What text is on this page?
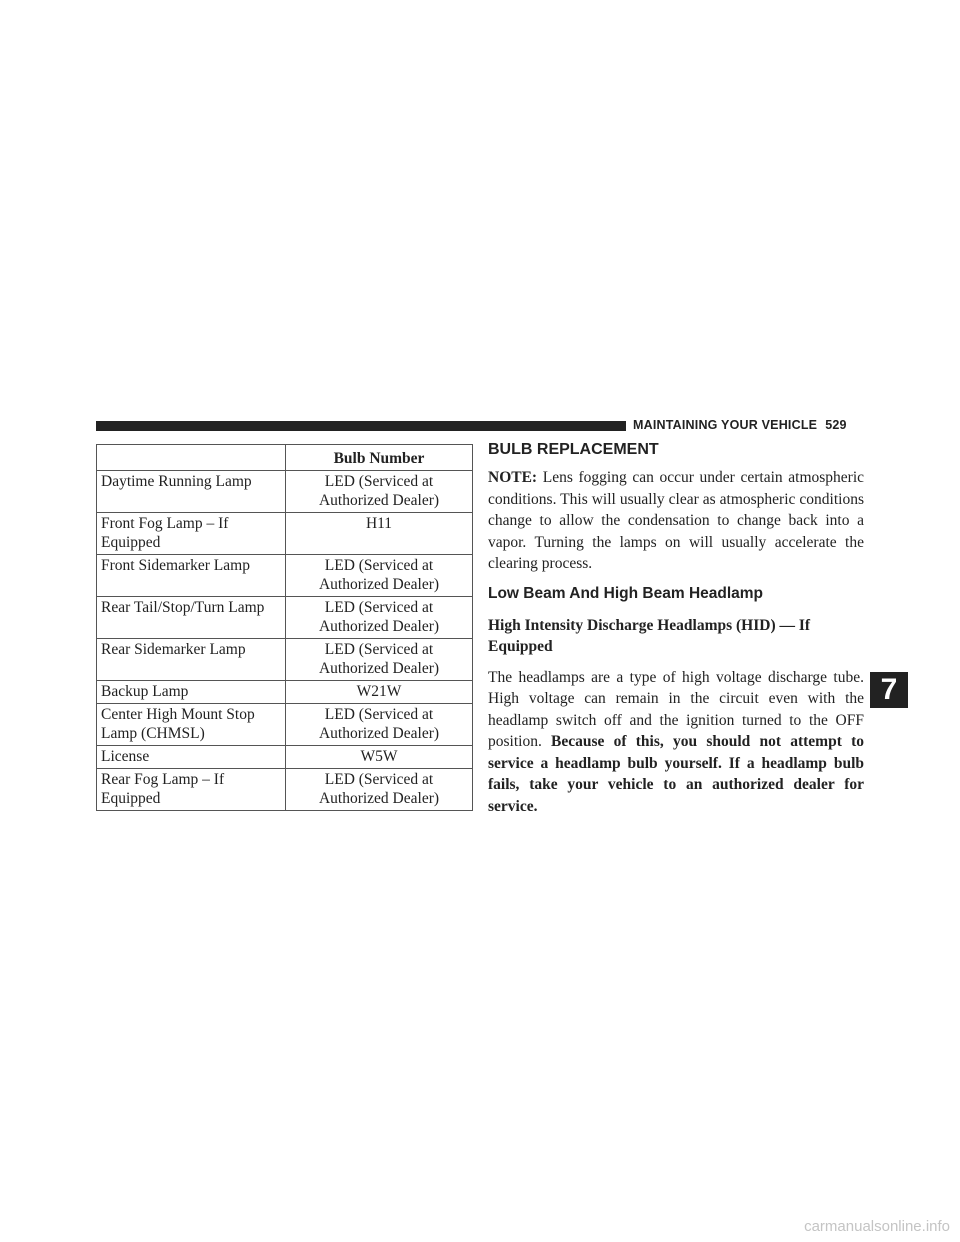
MAINTAINING YOUR VEHICLE 529
	Bulb Number
Daytime Running Lamp	LED (Serviced at Authorized Dealer)
Front Fog Lamp – If Equipped	H11
Front Sidemarker Lamp	LED (Serviced at Authorized Dealer)
Rear Tail/Stop/Turn Lamp	LED (Serviced at Authorized Dealer)
Rear Sidemarker Lamp	LED (Serviced at Authorized Dealer)
Backup Lamp	W21W
Center High Mount Stop Lamp (CHMSL)	LED (Serviced at Authorized Dealer)
License	W5W
Rear Fog Lamp – If Equipped	LED (Serviced at Authorized Dealer)
BULB REPLACEMENT

NOTE: Lens fogging can occur under certain atmospheric conditions. This will usually clear as atmospheric conditions change to allow the condensation to change back into a vapor. Turning the lamps on will usually accelerate the clearing process.

Low Beam And High Beam Headlamp
High Intensity Discharge Headlamps (HID) — If Equipped

The headlamps are a type of high voltage discharge tube. High voltage can remain in the circuit even with the headlamp switch off and the ignition turned to the OFF position. Because of this, you should not attempt to service a headlamp bulb yourself. If a headlamp bulb fails, take your vehicle to an authorized dealer for service.

7
carmanualsonline.info
